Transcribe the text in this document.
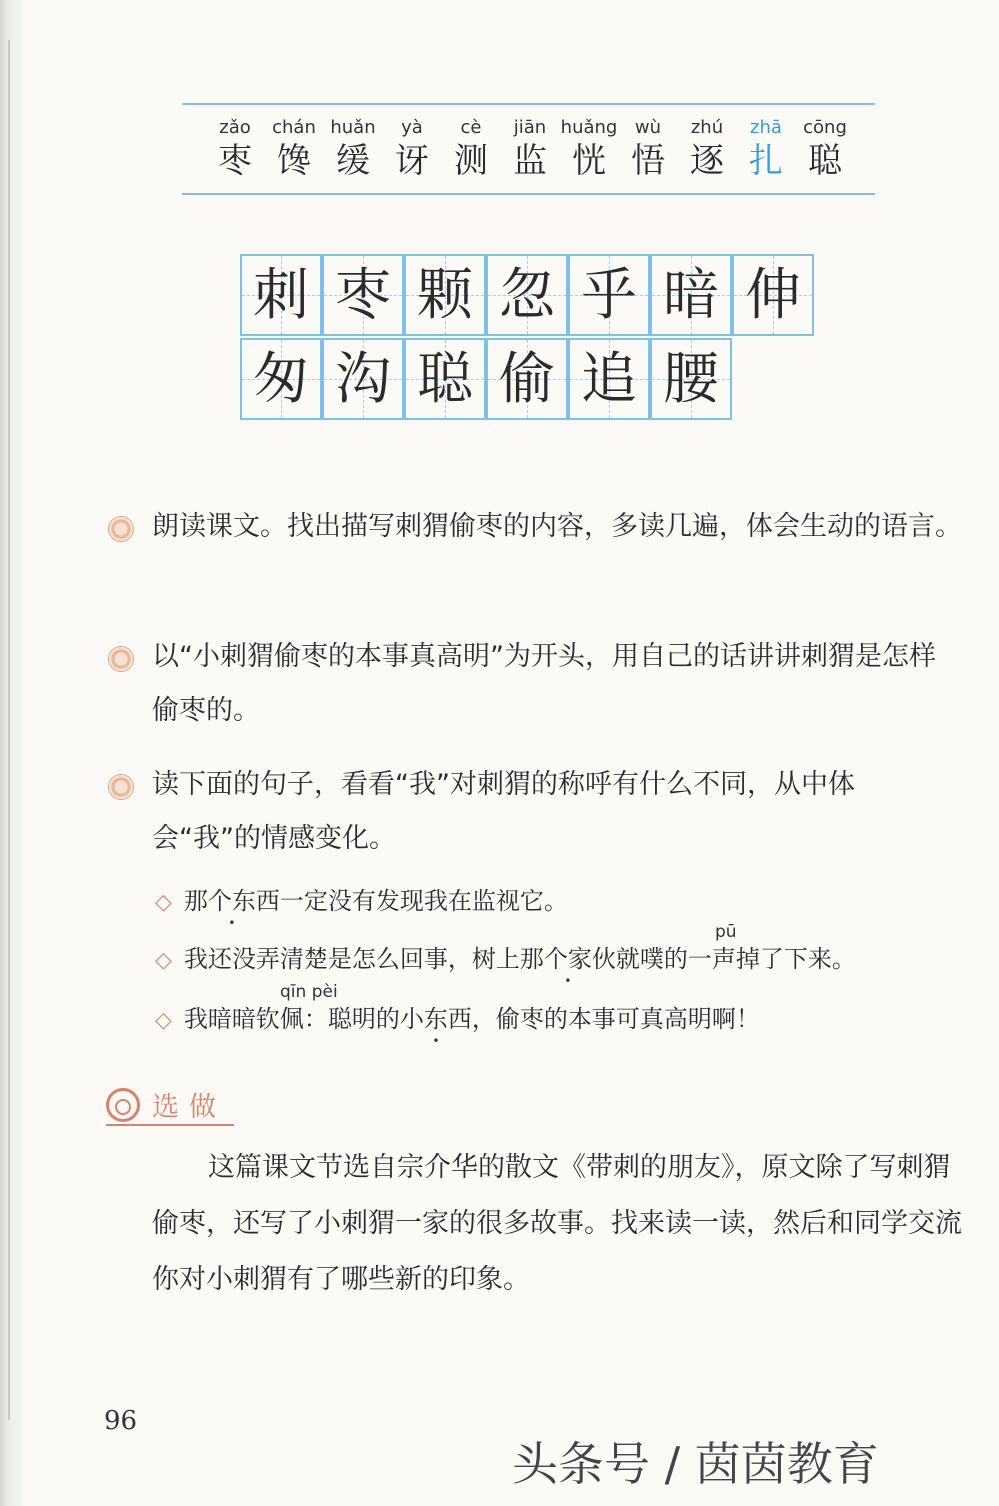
zǎo
枣
chán
馋
huǎn
缓
yà
讶
cè
测
jiān
监
huǎng
恍
wù
悟
zhú
逐
zhā
扎
cōng
聪
刺 枣 颗 忽 乎 暗 伸
匆 沟 聪 偷 追 腰
朗读课文。找出描写刺猬偷枣的内容，多读几遍，体会生动的语言。
以“小刺猬偷枣的本事真高明”为开头，用自己的话讲讲刺猬是怎样偷枣的。
读下面的句子，看看“我”对刺猬的称呼有什么不同，从中体会“我”的情感变化。
◇ 那个东西一定没有发现我在监视它。
pū
◇ 我还没弄清楚是怎么回事，树上那个家伙就噗的一声掉了下来。
qīn pèi
◇ 我暗暗钦佩：聪明的小东西，偷枣的本事可真高明啊！
选做
这篇课文节选自宗介华的散文《带刺的朋友》，原文除了写刺猬偷枣，还写了小刺猬一家的很多故事。找来读一读，然后和同学交流你对小刺猬有了哪些新的印象。
96
头条号 / 茵茵教育
